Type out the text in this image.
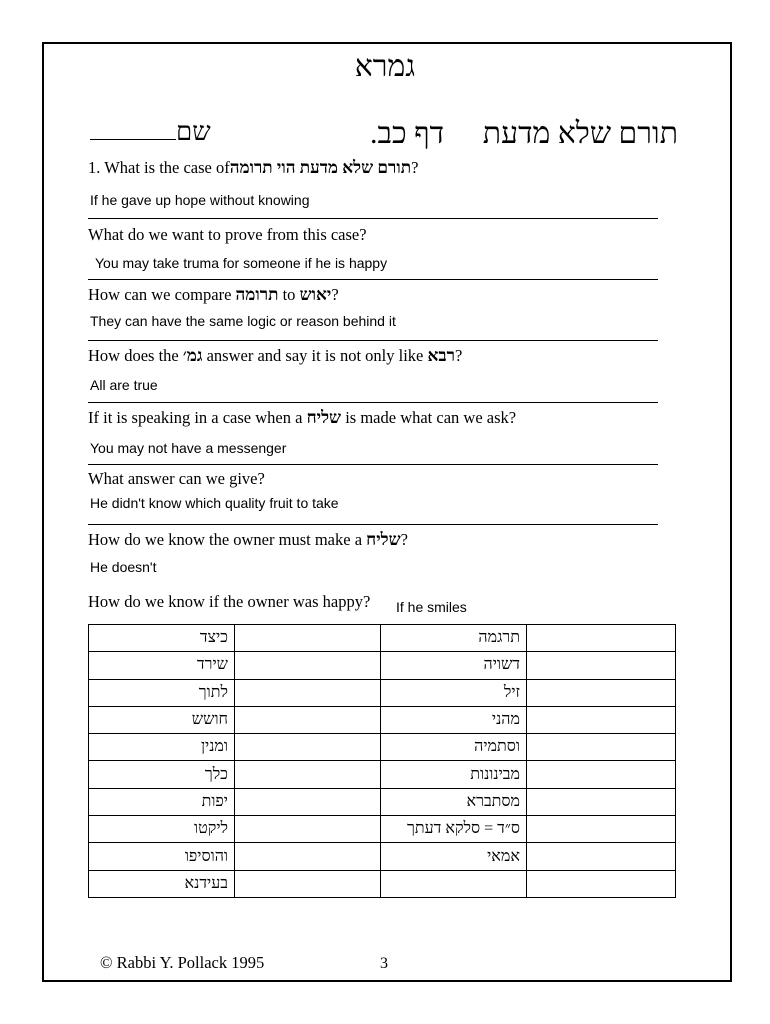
גמרא
תורם שלא מדעת
דף כב.
שם
1. What is the case ofתורם שלא מדעת הוי תרומה?
If he gave up hope without knowing
What do we want to prove from this case?
You may take truma for someone if he is happy
How can we compare תרומה to יאוש?
They can have the same logic or reason behind it
How does the גמ׳ answer and say it is not only like רבא?
All are true
If it is speaking in a case when a שליח is made what can we ask?
You may not have a messenger
What answer can we give?
He didn't know which quality fruit to take
How do we know the owner must make a שליח?
He doesn't
How do we know if the owner was happy? If he smiles
כיצד		תרגמה	
שירד		דשויה	
לתוך		זיל	
חושש		מהני	
ומנין		וסתמיה	
כלך		מבינונות	
יפות		מסתברא	
ליקטו		ס״ד = סלקא דעתך	
והוסיפו		אמאי	
בעידנא			
© Rabbi Y. Pollack 1995	3
